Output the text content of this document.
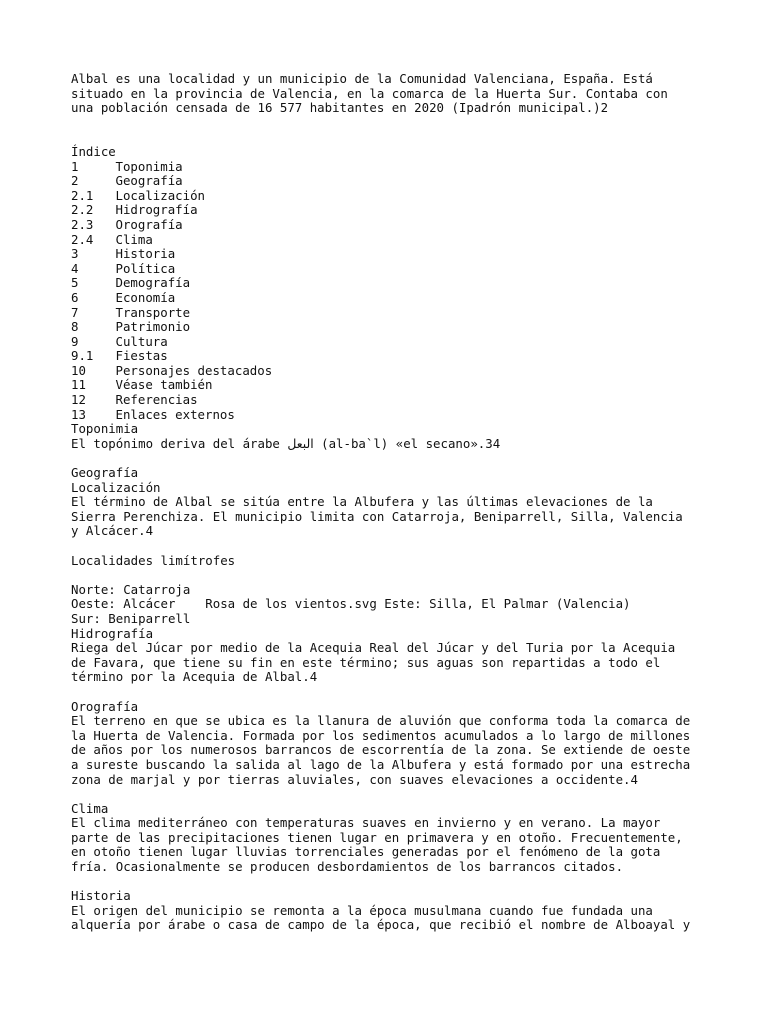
Albal es una localidad y un municipio de la Comunidad Valenciana, España. Está
situado en la provincia de Valencia, en la comarca de la Huerta Sur. Contaba con
una población censada de 16 577 habitantes en 2020 (Ipadrón municipal.)2
Índice
1	Toponimia
2	Geografía
2.1 Localización
2.2 Hidrografía
2.3 Orografía
2.4 Clima
3	Historia
4	Política
5	Demografía
6	Economía
7	Transporte
8	Patrimonio
9	Cultura
9.1 Fiestas
10 Personajes destacados
11 Véase también
12 Referencias
13 Enlaces externos
Toponimia
El topónimo deriva del árabe البعل (al-ba`l) «el secano».34
Geografía
Localización
El término de Albal se sitúa entre la Albufera y las últimas elevaciones de la
Sierra Perenchiza. El municipio limita con Catarroja, Beniparrell, Silla, Valencia
y Alcácer.4
Localidades limítrofes
Norte: Catarroja
Oeste: Alcácer    Rosa de los vientos.svg Este: Silla, El Palmar (Valencia)
Sur: Beniparrell
Hidrografía
Riega del Júcar por medio de la Acequia Real del Júcar y del Turia por la Acequia
de Favara, que tiene su fin en este término; sus aguas son repartidas a todo el
término por la Acequia de Albal.4
Orografía
El terreno en que se ubica es la llanura de aluvión que conforma toda la comarca de
la Huerta de Valencia. Formada por los sedimentos acumulados a lo largo de millones
de años por los numerosos barrancos de escorrentía de la zona. Se extiende de oeste
a sureste buscando la salida al lago de la Albufera y está formado por una estrecha
zona de marjal y por tierras aluviales, con suaves elevaciones a occidente.4
Clima
El clima mediterráneo con temperaturas suaves en invierno y en verano. La mayor
parte de las precipitaciones tienen lugar en primavera y en otoño. Frecuentemente,
en otoño tienen lugar lluvias torrenciales generadas por el fenómeno de la gota
fría. Ocasionalmente se producen desbordamientos de los barrancos citados.
Historia
El origen del municipio se remonta a la época musulmana cuando fue fundada una
alquería por árabe o casa de campo de la época, que recibió el nombre de Alboayal y
